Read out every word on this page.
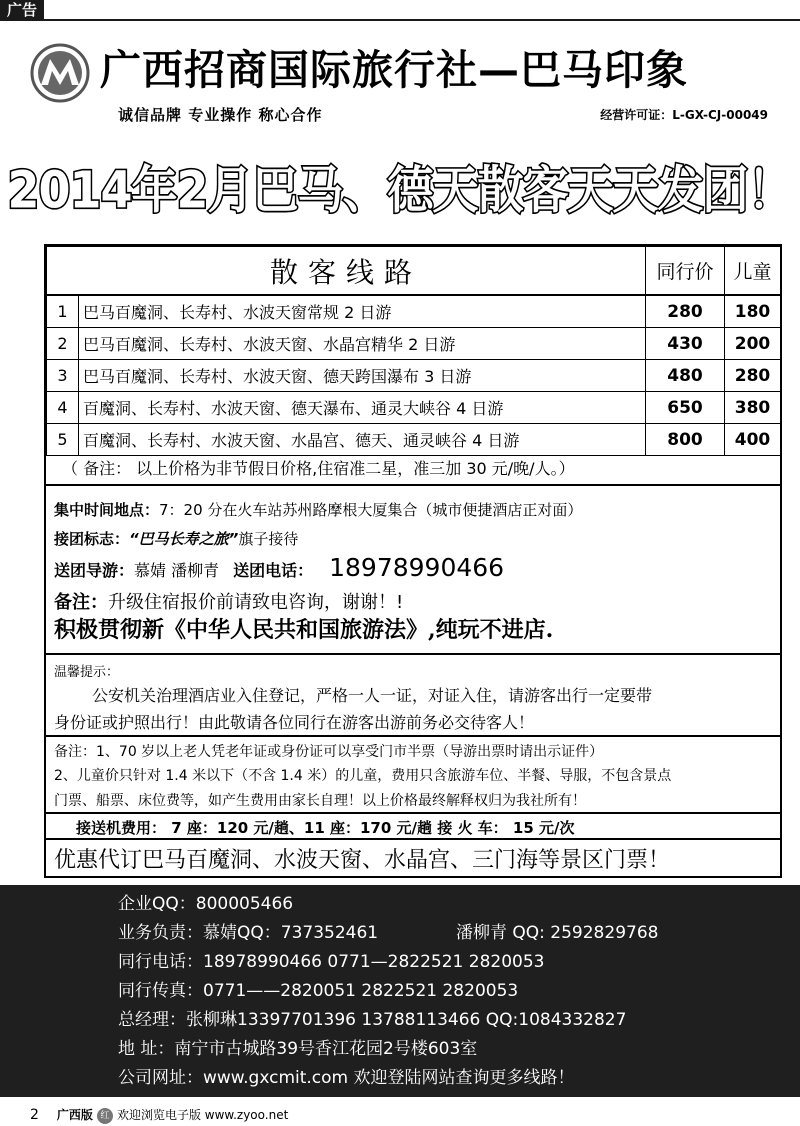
广告
广西招商国际旅行社—巴马印象
诚信品牌 专业操作 称心合作	经营许可证：L-GX-CJ-00049
2014年2月巴马、德天散客天天发团！
散客线路		同行价	儿童
1	巴马百魔洞、长寿村、水波天窗常规 2 日游	280	180
2	巴马百魔洞、长寿村、水波天窗、水晶宫精华 2 日游	430	200
3	巴马百魔洞、长寿村、水波天窗、德天跨国瀑布 3 日游	480	280
4	百魔洞、长寿村、水波天窗、德天瀑布、通灵大峡谷 4 日游	650	380
5	百魔洞、长寿村、水波天窗、水晶宫、德天、通灵峡谷 4 日游	800	400
（ 备注： 以上价格为非节假日价格,住宿准二星，准三加 30 元/晚/人。）
集中时间地点：7：20 分在火车站苏州路摩根大厦集合（城市便捷酒店正对面）
接团标志：“巴马长寿之旅”旗子接待
送团导游：慕婧 潘柳青 送团电话： 18978990466
备注：升级住宿报价前请致电咨询，谢谢！!
积极贯彻新《中华人民共和国旅游法》,纯玩不进店.
温馨提示：
公安机关治理酒店业入住登记，严格一人一证，对证入住，请游客出行一定要带
身份证或护照出行！由此敬请各位同行在游客出游前务必交待客人！
备注：1、70 岁以上老人凭老年证或身份证可以享受门市半票（导游出票时请出示证件）
2、儿童价只针对 1.4 米以下（不含 1.4 米）的儿童，费用只含旅游车位、半餐、导服，不包含景点
门票、船票、床位费等，如产生费用由家长自理！以上价格最终解释权归为我社所有！
接送机费用： 7 座：120 元/趟、11 座：170 元/趟 接 火 车： 15 元/次
优惠代订巴马百魔洞、水波天窗、水晶宫、三门海等景区门票！
企业QQ：800005466
业务负责：慕婧QQ：737352461	潘柳青 QQ: 2592829768
同行电话：18978990466 0771—2822521 2820053
同行传真：0771——2820051 2822521 2820053
总经理：张柳琳13397701396 13788113466 QQ:1084332827
地 址：南宁市古城路39号香江花园2号楼603室
公司网址：www.gxcmit.com 欢迎登陆网站查询更多线路！
2 广西版 红 欢迎浏览电子版 www.zyoo.net
